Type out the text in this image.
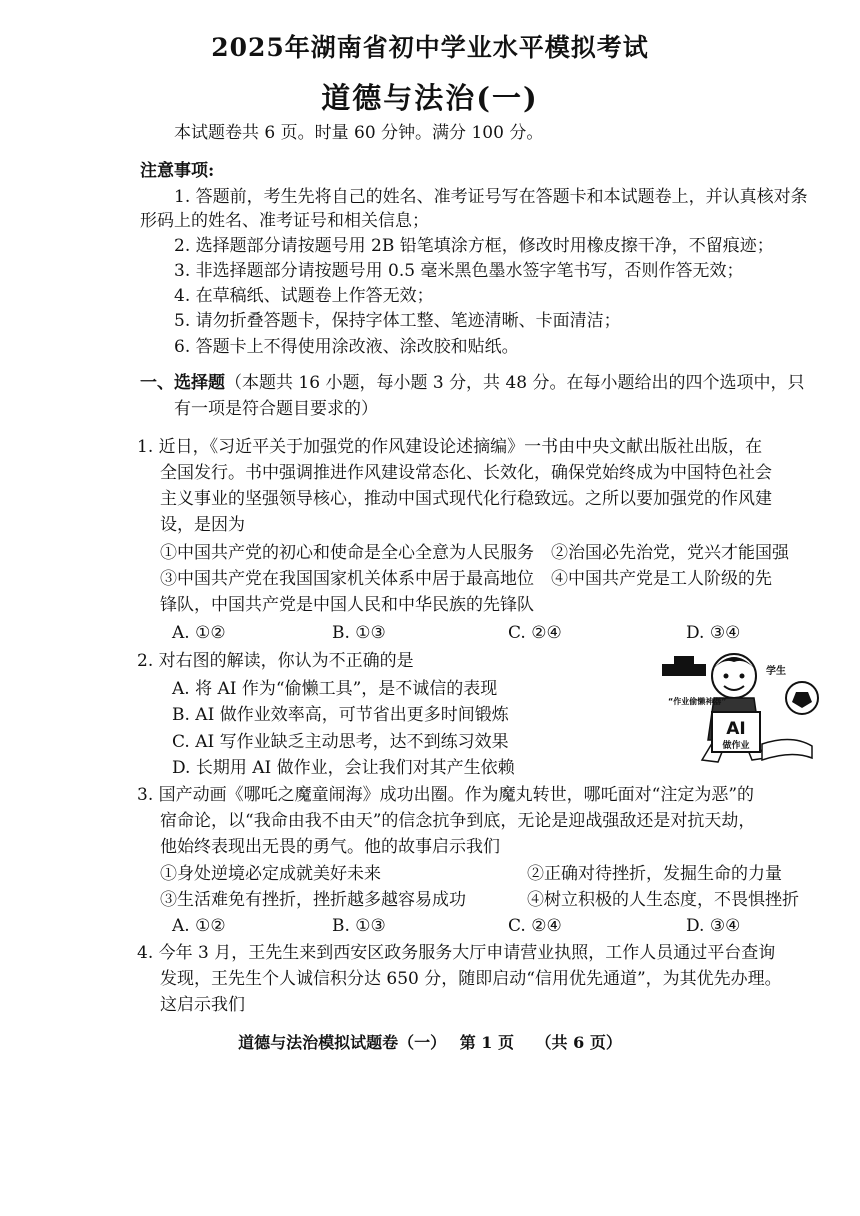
2025年湖南省初中学业水平模拟考试
道德与法治(一)
本试题卷共 6 页。时量 60 分钟。满分 100 分。
注意事项:
1. 答题前，考生先将自己的姓名、准考证号写在答题卡和本试题卷上，并认真核对条
形码上的姓名、准考证号和相关信息；
2. 选择题部分请按题号用 2B 铅笔填涂方框，修改时用橡皮擦干净，不留痕迹；
3. 非选择题部分请按题号用 0.5 毫米黑色墨水签字笔书写，否则作答无效；
4. 在草稿纸、试题卷上作答无效；
5. 请勿折叠答题卡，保持字体工整、笔迹清晰、卡面清洁；
6. 答题卡上不得使用涂改液、涂改胶和贴纸。
一、选择题（本题共 16 小题，每小题 3 分，共 48 分。在每小题给出的四个选项中，只
有一项是符合题目要求的）
1. 近日，《习近平关于加强党的作风建设论述摘编》一书由中央文献出版社出版，在
全国发行。书中强调推进作风建设常态化、长效化，确保党始终成为中国特色社会
主义事业的坚强领导核心，推动中国式现代化行稳致远。之所以要加强党的作风建
设，是因为
①中国共产党的初心和使命是全心全意为人民服务　②治国必先治党，党兴才能国强
③中国共产党在我国国家机关体系中居于最高地位　④中国共产党是工人阶级的先
锋队，中国共产党是中国人民和中华民族的先锋队
A. ①②	B. ①③	C. ②④	D. ③④
2. 对右图的解读，你认为不正确的是
A. 将 AI 作为“偷懒工具”，是不诚信的表现
B. AI 做作业效率高，可节省出更多时间锻炼
C. AI 写作业缺乏主动思考，达不到练习效果
D. 长期用 AI 做作业，会让我们对其产生依赖
AI
做作业
“作业偷懒神器”
学生
3. 国产动画《哪吒之魔童闹海》成功出圈。作为魔丸转世，哪吒面对“注定为恶”的
宿命论，以“我命由我不由天”的信念抗争到底，无论是迎战强敌还是对抗天劫，
他始终表现出无畏的勇气。他的故事启示我们
①身处逆境必定成就美好未来	②正确对待挫折，发掘生命的力量
③生活难免有挫折，挫折越多越容易成功	④树立积极的人生态度，不畏惧挫折
A. ①②	B. ①③	C. ②④	D. ③④
4. 今年 3 月，王先生来到西安区政务服务大厅申请营业执照，工作人员通过平台查询
发现，王先生个人诚信积分达 650 分，随即启动“信用优先通道”，为其优先办理。
这启示我们
道德与法治模拟试题卷（一）　 第 1 页　 （共 6 页）
